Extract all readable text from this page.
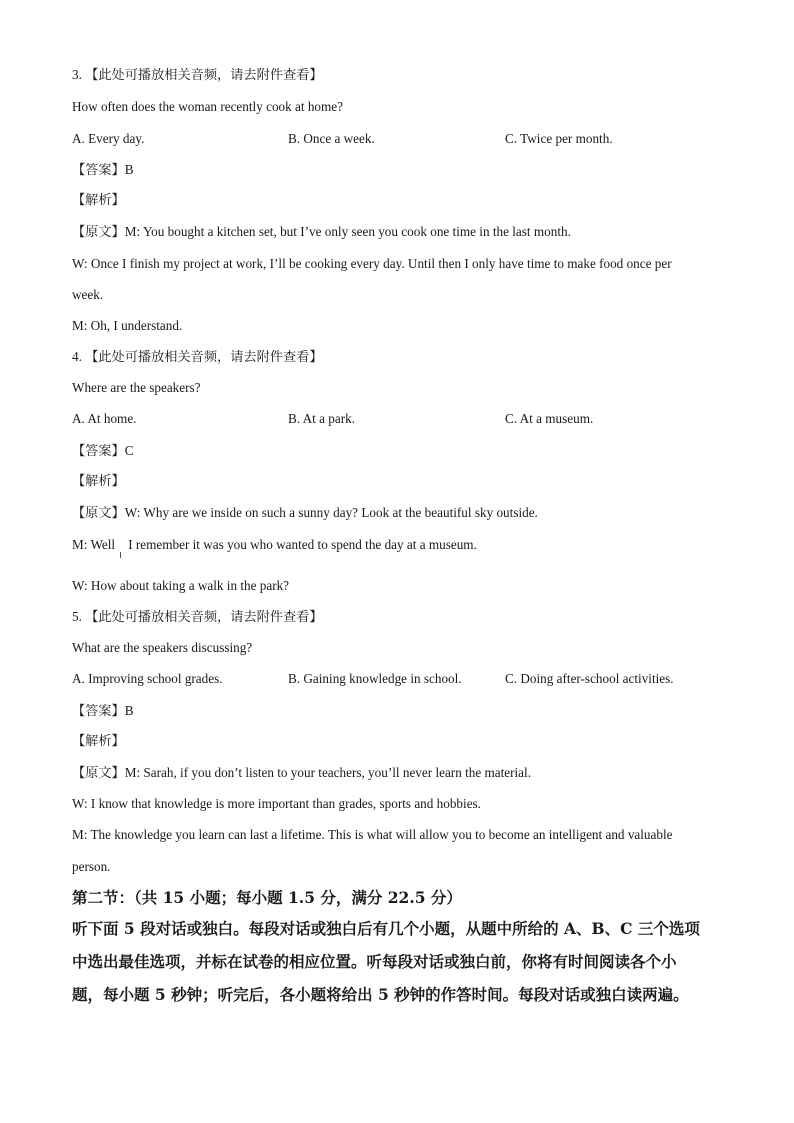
3. 【此处可播放相关音频，请去附件查看】
How often does the woman recently cook at home?
A. Every day.	B. Once a week.	C. Twice per month.
【答案】B
【解析】
【原文】M: You bought a kitchen set, but I’ve only seen you cook one time in the last month.
W: Once I finish my project at work, I’ll be cooking every day. Until then I only have time to make food once per
week.
M: Oh, I understand.
4. 【此处可播放相关音频，请去附件查看】
Where are the speakers?
A. At home.	B. At a park.	C. At a museum.
【答案】C
【解析】
【原文】W: Why are we inside on such a sunny day? Look at the beautiful sky outside.
M: Well    I remember it was you who wanted to spend the day at a museum.
W: How about taking a walk in the park?
5. 【此处可播放相关音频，请去附件查看】
What are the speakers discussing?
A. Improving school grades.	B. Gaining knowledge in school.	C. Doing after-school activities.
【答案】B
【解析】
【原文】M: Sarah, if you don’t listen to your teachers, you’ll never learn the material.
W: I know that knowledge is more important than grades, sports and hobbies.
M: The knowledge you learn can last a lifetime. This is what will allow you to become an intelligent and valuable
person.
第二节：（共 15 小题；每小题 1.5 分，满分 22.5 分）
听下面 5 段对话或独白。每段对话或独白后有几个小题，从题中所给的 A、B、C 三个选项
中选出最佳选项，并标在试卷的相应位置。听每段对话或独白前，你将有时间阅读各个小
题，每小题 5 秒钟；听完后，各小题将给出 5 秒钟的作答时间。每段对话或独白读两遍。
